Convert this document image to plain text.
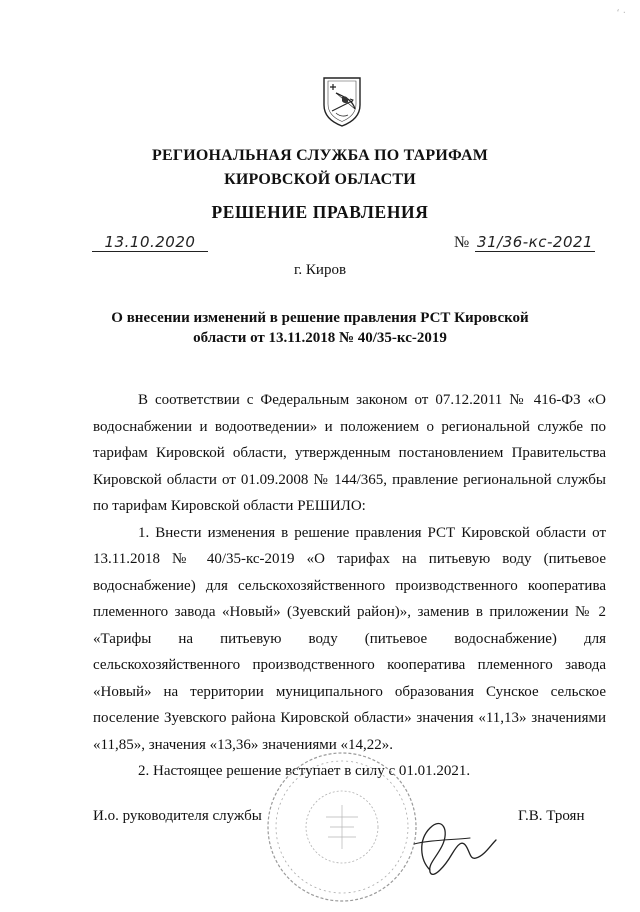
‘ ·
РЕГИОНАЛЬНАЯ СЛУЖБА ПО ТАРИФАМ
КИРОВСКОЙ ОБЛАСТИ
РЕШЕНИЕ ПРАВЛЕНИЯ
13.10.2020	№ 31/36-кс-2021
г. Киров
О внесении изменений в решение правления РСТ Кировской
области от 13.11.2018 № 40/35-кс-2019

В соответствии с Федеральным законом от 07.12.2011 № 416-ФЗ «О водоснабжении и водоотведении» и положением о региональной службе по тарифам Кировской области, утвержденным постановлением Правительства Кировской области от 01.09.2008 № 144/365, правление региональной службы по тарифам Кировской области РЕШИЛО:

1. Внести изменения в решение правления РСТ Кировской области от 13.11.2018 № 40/35-кс-2019 «О тарифах на питьевую воду (питьевое водоснабжение) для сельскохозяйственного производственного кооператива племенного завода «Новый» (Зуевский район)», заменив в приложении № 2 «Тарифы на питьевую воду (питьевое водоснабжение) для сельскохозяйственного производственного кооператива племенного завода «Новый» на территории муниципального образования Сунское сельское поселение Зуевского района Кировской области» значения «11,13» значениями «11,85», значения «13,36» значениями «14,22».

2. Настоящее решение вступает в силу с 01.01.2021.

И.о. руководителя службы	Г.В. Троян
